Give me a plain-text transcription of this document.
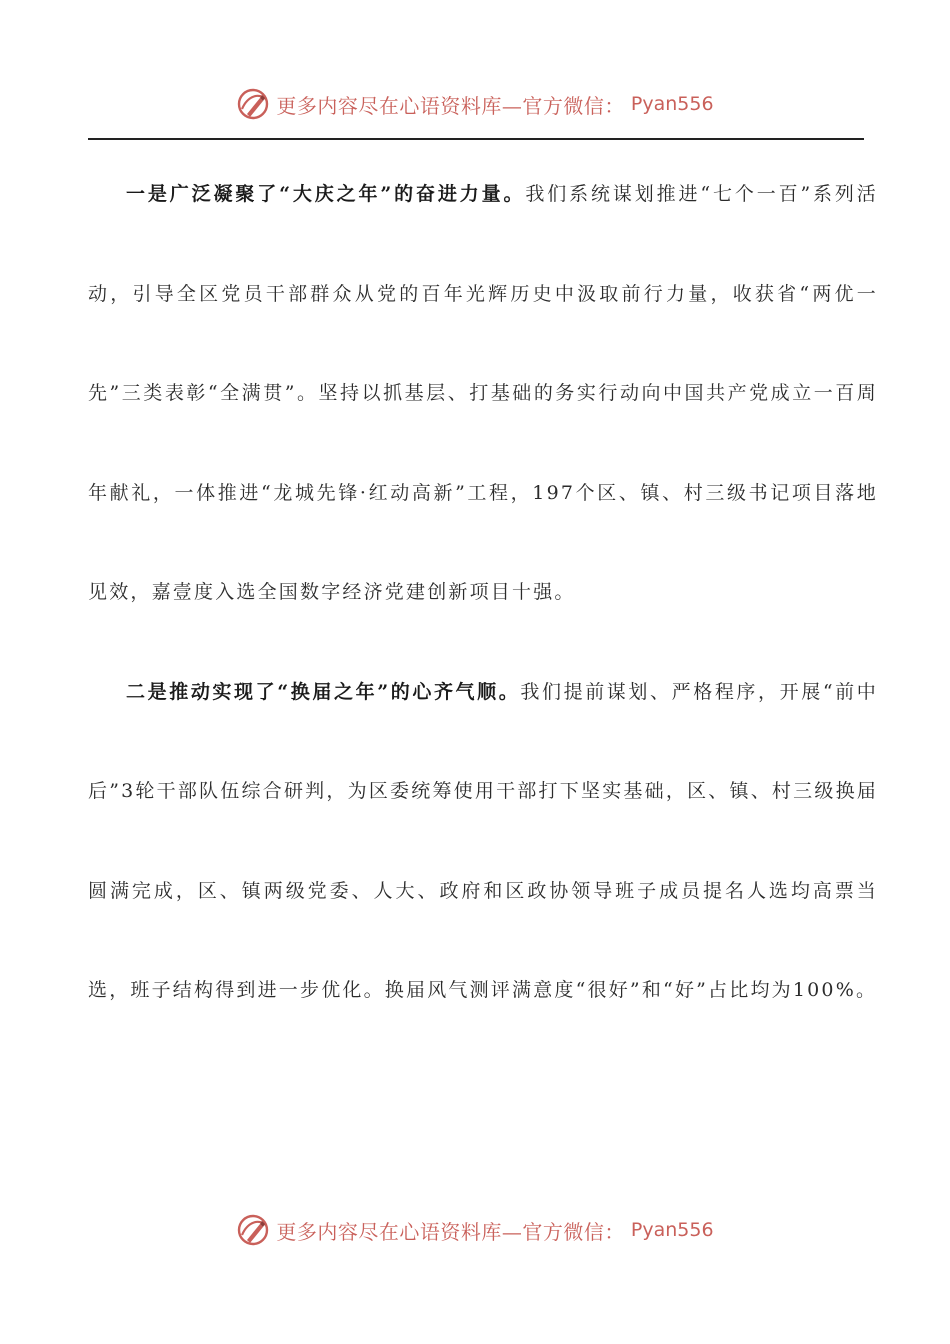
更多内容尽在心语资料库—官方微信： Pyan556

一是广泛凝聚了“大庆之年”的奋进力量。我们系统谋划推进“七个一百”系列活动，引导全区党员干部群众从党的百年光辉历史中汲取前行力量，收获省“两优一先”三类表彰“全满贯”。坚持以抓基层、打基础的务实行动向中国共产党成立一百周年献礼，一体推进“龙城先锋·红动高新”工程，197个区、镇、村三级书记项目落地见效，嘉壹度入选全国数字经济党建创新项目十强。

二是推动实现了“换届之年”的心齐气顺。我们提前谋划、严格程序，开展“前中后”3轮干部队伍综合研判，为区委统筹使用干部打下坚实基础，区、镇、村三级换届圆满完成，区、镇两级党委、人大、政府和区政协领导班子成员提名人选均高票当选，班子结构得到进一步优化。换届风气测评满意度“很好”和“好”占比均为100%。

更多内容尽在心语资料库—官方微信： Pyan556
